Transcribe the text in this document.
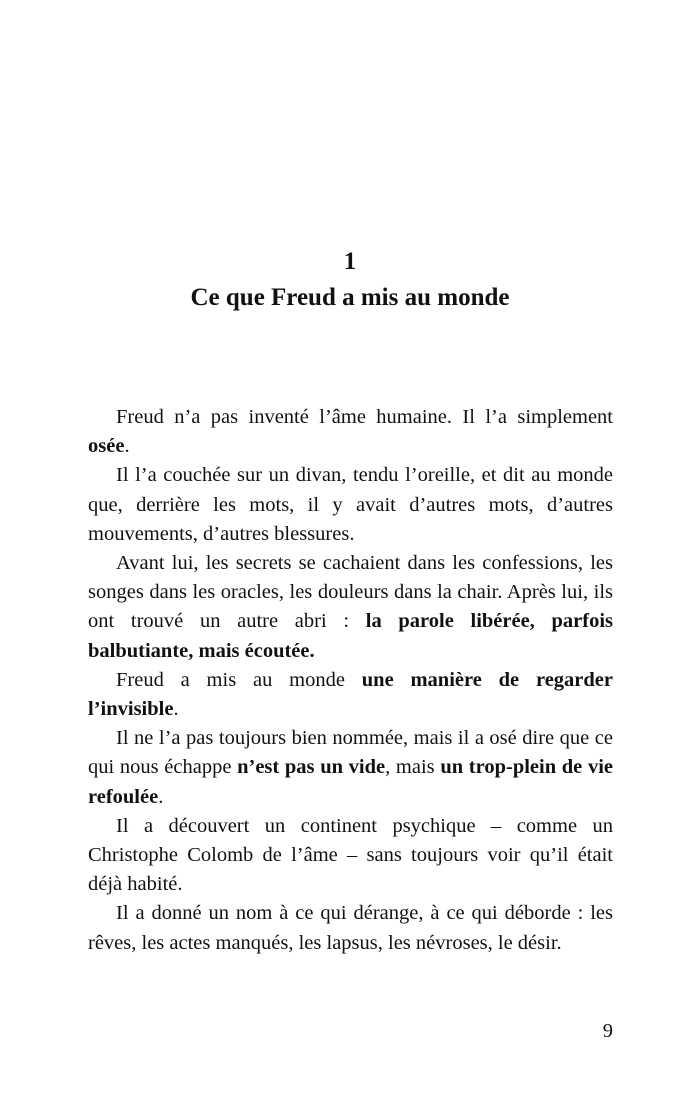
1
Ce que Freud a mis au monde

Freud n’a pas inventé l’âme humaine. Il l’a simplement osée.

Il l’a couchée sur un divan, tendu l’oreille, et dit au monde que, derrière les mots, il y avait d’autres mots, d’autres mouvements, d’autres blessures.

Avant lui, les secrets se cachaient dans les confessions, les songes dans les oracles, les douleurs dans la chair. Après lui, ils ont trouvé un autre abri : la parole libérée, parfois balbutiante, mais écoutée.

Freud a mis au monde une manière de regarder l’invisible.

Il ne l’a pas toujours bien nommée, mais il a osé dire que ce qui nous échappe n’est pas un vide, mais un trop-plein de vie refoulée.

Il a découvert un continent psychique – comme un Christophe Colomb de l’âme – sans toujours voir qu’il était déjà habité.

Il a donné un nom à ce qui dérange, à ce qui déborde : les rêves, les actes manqués, les lapsus, les névroses, le désir.

9
